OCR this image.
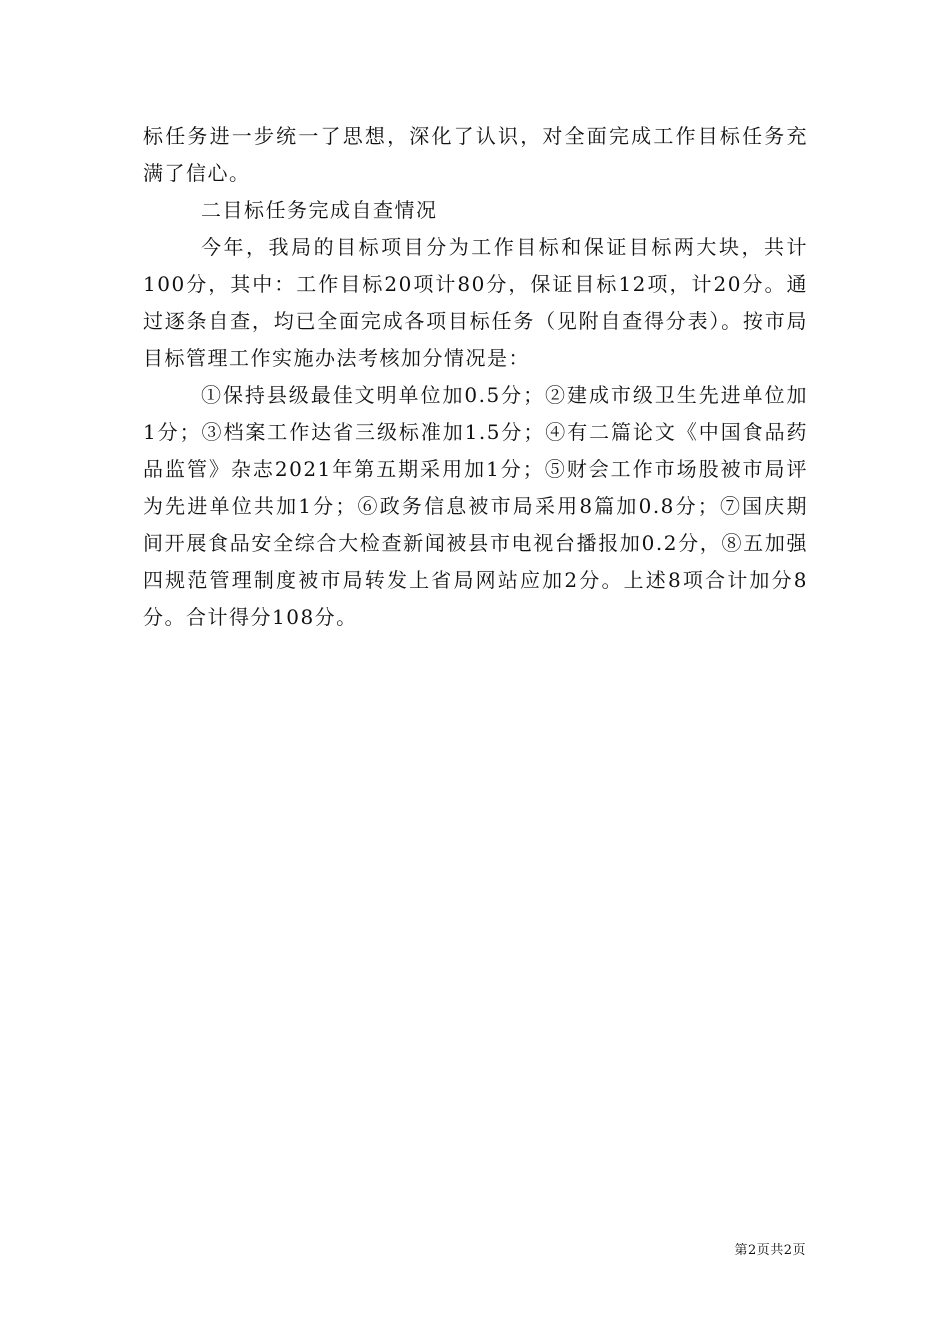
标任务进一步统一了思想，深化了认识，对全面完成工作目标任务充满了信心。

二目标任务完成自查情况

今年，我局的目标项目分为工作目标和保证目标两大块，共计100分，其中：工作目标20项计80分，保证目标12项，计20分。通过逐条自查，均已全面完成各项目标任务（见附自查得分表）。按市局目标管理工作实施办法考核加分情况是：

①保持县级最佳文明单位加0.5分；②建成市级卫生先进单位加1分；③档案工作达省三级标准加1.5分；④有二篇论文《中国食品药品监管》杂志2021年第五期采用加1分；⑤财会工作市场股被市局评为先进单位共加1分；⑥政务信息被市局采用8篇加0.8分；⑦国庆期间开展食品安全综合大检查新闻被县市电视台播报加0.2分，⑧五加强四规范管理制度被市局转发上省局网站应加2分。上述8项合计加分8分。合计得分108分。

第2页共2页
